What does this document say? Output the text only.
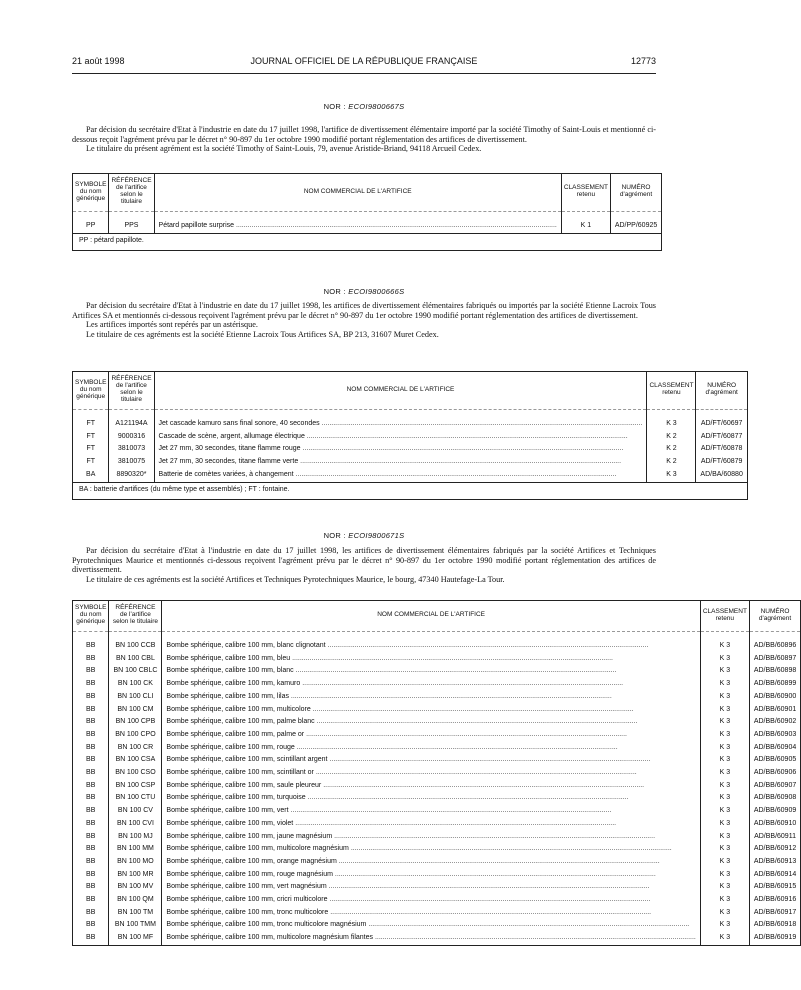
21 août 1998	JOURNAL OFFICIEL DE LA RÉPUBLIQUE FRANÇAISE	12773
NOR : ECOI9800667S

Par décision du secrétaire d'Etat à l'industrie en date du 17 juillet 1998, l'artifice de divertissement élémentaire importé par la société Timothy of Saint-Louis et mentionné ci-dessous reçoit l'agrément prévu par le décret n° 90-897 du 1er octobre 1990 modifié portant réglementation des artifices de divertissement.

Le titulaire du présent agrément est la société Timothy of Saint-Louis, 79, avenue Aristide-Briand, 94118 Arcueil Cedex.

SYMBOLE du nom générique	RÉFÉRENCE de l'artifice selon le titulaire	NOM COMMERCIAL DE L'ARTIFICE	CLASSEMENT retenu	NUMÉRO d'agrément

PP	PPS	Pétard papillote surprise .....	K 1	AD/PP/60925
PP : pétard papillote.				
NOR : ECOI9800666S

Par décision du secrétaire d'Etat à l'industrie en date du 17 juillet 1998, les artifices de divertissement élémentaires fabriqués ou importés par la société Etienne Lacroix Tous Artifices SA et mentionnés ci-dessous reçoivent l'agrément prévu par le décret n° 90-897 du 1er octobre 1990 modifié portant réglementation des artifices de divertissement.

Les artifices importés sont repérés par un astérisque.

Le titulaire de ces agréments est la société Etienne Lacroix Tous Artifices SA, BP 213, 31607 Muret Cedex.

SYMBOLE du nom générique	RÉFÉRENCE de l'artifice selon le titulaire	NOM COMMERCIAL DE L'ARTIFICE	CLASSEMENT retenu	NUMÉRO d'agrément

FT	A121194A	Jet cascade kamuro sans final sonore, 40 secondes .....	K 3	AD/FT/60697
FT	9000316	Cascade de scène, argent, allumage électrique .....	K 2	AD/FT/60877
FT	3810073	Jet 27 mm, 30 secondes, titane flamme rouge .....	K 2	AD/FT/60878
FT	3810075	Jet 27 mm, 30 secondes, titane flamme verte .....	K 2	AD/FT/60879
BA	8890320*	Batterie de comètes variées, à changement .....	K 3	AD/BA/60880
BA : batterie d'artifices (du même type et assemblés) ; FT : fontaine.				
NOR : ECOI9800671S

Par décision du secrétaire d'Etat à l'industrie en date du 17 juillet 1998, les artifices de divertissement élémentaires fabriqués par la société Artifices et Techniques Pyrotechniques Maurice et mentionnés ci-dessous reçoivent l'agrément prévu par le décret n° 90-897 du 1er octobre 1990 modifié portant réglementation des artifices de divertissement.

Le titulaire de ces agréments est la société Artifices et Techniques Pyrotechniques Maurice, le bourg, 47340 Hautefage-La Tour.

SYMBOLE du nom générique	RÉFÉRENCE de l'artifice selon le titulaire	NOM COMMERCIAL DE L'ARTIFICE	CLASSEMENT retenu	NUMÉRO d'agrément

BB	BN 100 CCB	Bombe sphérique, calibre 100 mm, blanc clignotant .....	K 3	AD/BB/60896
BB	BN 100 CBL	Bombe sphérique, calibre 100 mm, bleu .....	K 3	AD/BB/60897
BB	BN 100 CBLC	Bombe sphérique, calibre 100 mm, blanc .....	K 3	AD/BB/60898
BB	BN 100 CK	Bombe sphérique, calibre 100 mm, kamuro .....	K 3	AD/BB/60899
BB	BN 100 CLI	Bombe sphérique, calibre 100 mm, lilas .....	K 3	AD/BB/60900
BB	BN 100 CM	Bombe sphérique, calibre 100 mm, multicolore .....	K 3	AD/BB/60901
BB	BN 100 CPB	Bombe sphérique, calibre 100 mm, palme blanc .....	K 3	AD/BB/60902
BB	BN 100 CPO	Bombe sphérique, calibre 100 mm, palme or .....	K 3	AD/BB/60903
BB	BN 100 CR	Bombe sphérique, calibre 100 mm, rouge .....	K 3	AD/BB/60904
BB	BN 100 CSA	Bombe sphérique, calibre 100 mm, scintillant argent .....	K 3	AD/BB/60905
BB	BN 100 CSO	Bombe sphérique, calibre 100 mm, scintillant or .....	K 3	AD/BB/60906
BB	BN 100 CSP	Bombe sphérique, calibre 100 mm, saule pleureur .....	K 3	AD/BB/60907
BB	BN 100 CTU	Bombe sphérique, calibre 100 mm, turquoise .....	K 3	AD/BB/60908
BB	BN 100 CV	Bombe sphérique, calibre 100 mm, vert .....	K 3	AD/BB/60909
BB	BN 100 CVI	Bombe sphérique, calibre 100 mm, violet .....	K 3	AD/BB/60910
BB	BN 100 MJ	Bombe sphérique, calibre 100 mm, jaune magnésium .....	K 3	AD/BB/60911
BB	BN 100 MM	Bombe sphérique, calibre 100 mm, multicolore magnésium .....	K 3	AD/BB/60912
BB	BN 100 MO	Bombe sphérique, calibre 100 mm, orange magnésium .....	K 3	AD/BB/60913
BB	BN 100 MR	Bombe sphérique, calibre 100 mm, rouge magnésium .....	K 3	AD/BB/60914
BB	BN 100 MV	Bombe sphérique, calibre 100 mm, vert magnésium .....	K 3	AD/BB/60915
BB	BN 100 QM	Bombe sphérique, calibre 100 mm, cricri multicolore .....	K 3	AD/BB/60916
BB	BN 100 TM	Bombe sphérique, calibre 100 mm, tronc multicolore .....	K 3	AD/BB/60917
BB	BN 100 TMM	Bombe sphérique, calibre 100 mm, tronc multicolore magnésium .....	K 3	AD/BB/60918
BB	BN 100 MF	Bombe sphérique, calibre 100 mm, multicolore magnésium filantes .....	K 3	AD/BB/60919
